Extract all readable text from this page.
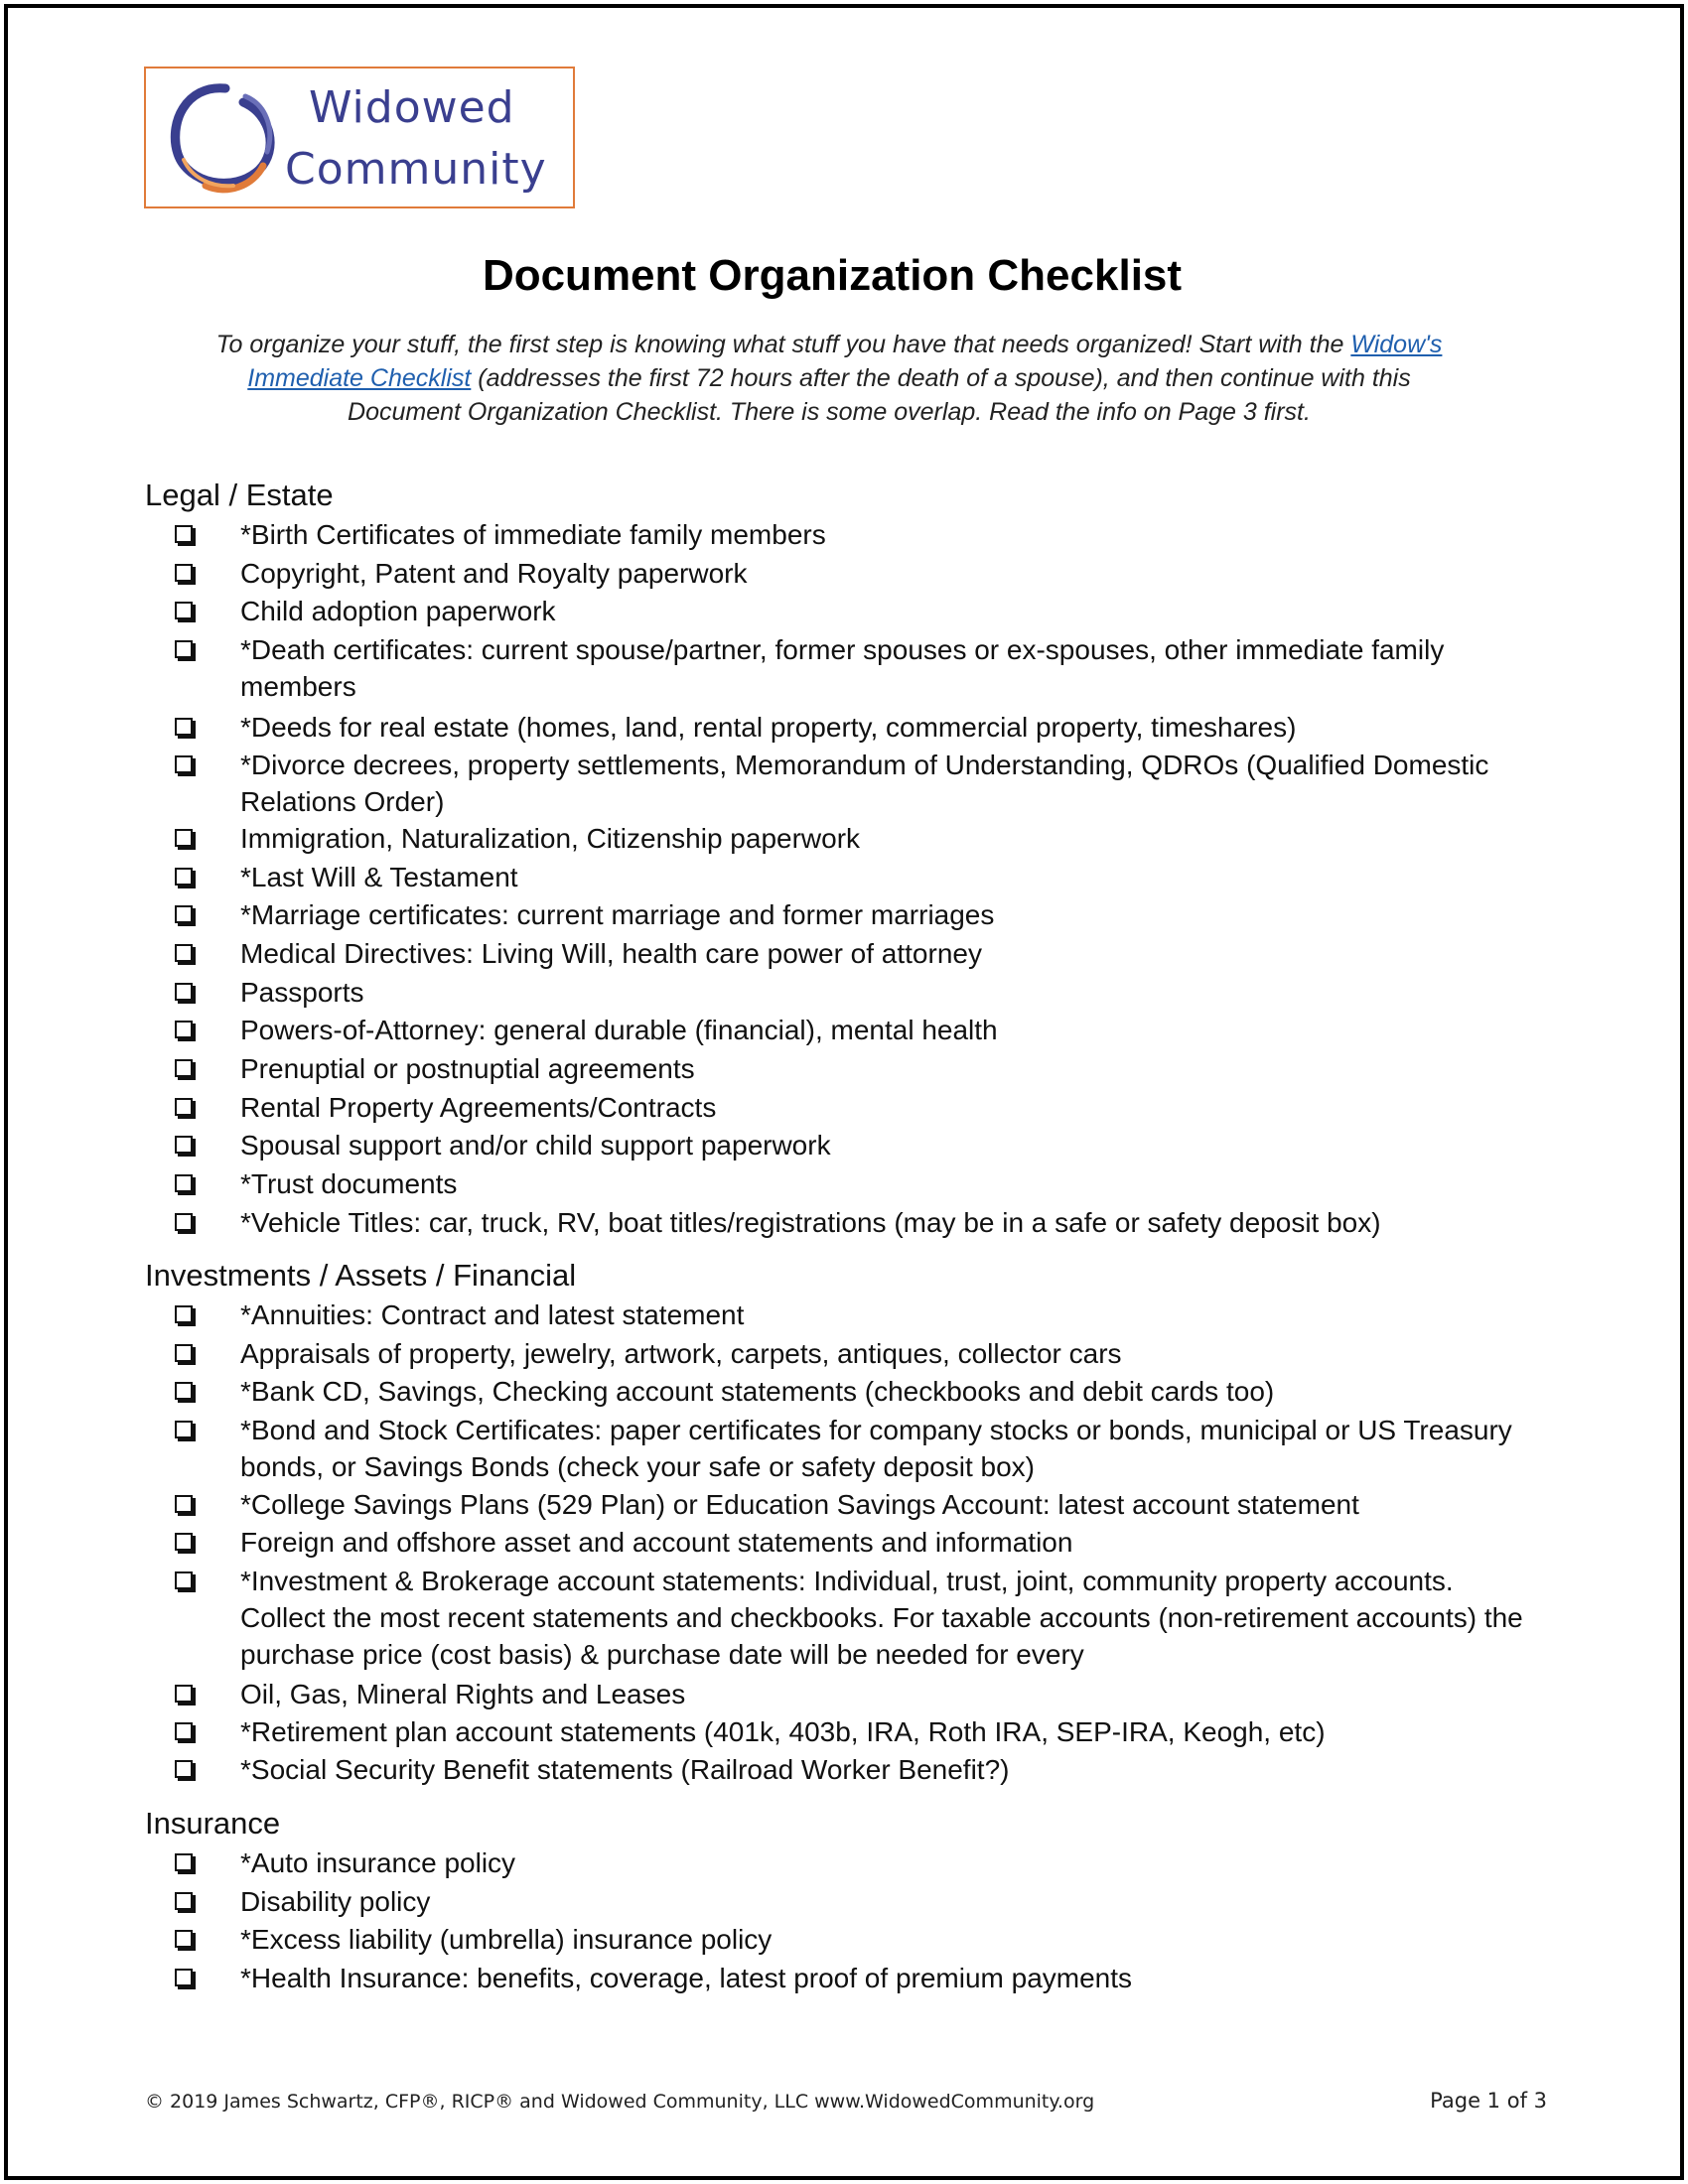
Widowed
Community
Document Organization Checklist
To organize your stuff, the first step is knowing what stuff you have that needs organized! Start with the Widow's
Immediate Checklist (addresses the first 72 hours after the death of a spouse), and then continue with this
Document Organization Checklist. There is some overlap. Read the info on Page 3 first.
Legal / Estate
*Birth Certificates of immediate family members
Copyright, Patent and Royalty paperwork
Child adoption paperwork
*Death certificates: current spouse/partner, former spouses or ex-spouses, other immediate family members
*Deeds for real estate (homes, land, rental property, commercial property, timeshares)
*Divorce decrees, property settlements, Memorandum of Understanding, QDROs (Qualified Domestic Relations Order)
Immigration, Naturalization, Citizenship paperwork
*Last Will & Testament
*Marriage certificates: current marriage and former marriages
Medical Directives: Living Will, health care power of attorney
Passports
Powers-of-Attorney: general durable (financial), mental health
Prenuptial or postnuptial agreements
Rental Property Agreements/Contracts
Spousal support and/or child support paperwork
*Trust documents
*Vehicle Titles: car, truck, RV, boat titles/registrations (may be in a safe or safety deposit box)
Investments / Assets / Financial
*Annuities: Contract and latest statement
Appraisals of property, jewelry, artwork, carpets, antiques, collector cars
*Bank CD, Savings, Checking account statements (checkbooks and debit cards too)
*Bond and Stock Certificates: paper certificates for company stocks or bonds, municipal or US Treasury bonds, or Savings Bonds (check your safe or safety deposit box)
*College Savings Plans (529 Plan) or Education Savings Account: latest account statement
Foreign and offshore asset and account statements and information
*Investment & Brokerage account statements: Individual, trust, joint, community property accounts. Collect the most recent statements and checkbooks. For taxable accounts (non-retirement accounts) the purchase price (cost basis) & purchase date will be needed for every
Oil, Gas, Mineral Rights and Leases
*Retirement plan account statements (401k, 403b, IRA, Roth IRA, SEP-IRA, Keogh, etc)
*Social Security Benefit statements (Railroad Worker Benefit?)
Insurance
*Auto insurance policy
Disability policy
*Excess liability (umbrella) insurance policy
*Health Insurance: benefits, coverage, latest proof of premium payments
© 2019 James Schwartz, CFP®, RICP® and Widowed Community, LLC www.WidowedCommunity.org	Page 1 of 3
